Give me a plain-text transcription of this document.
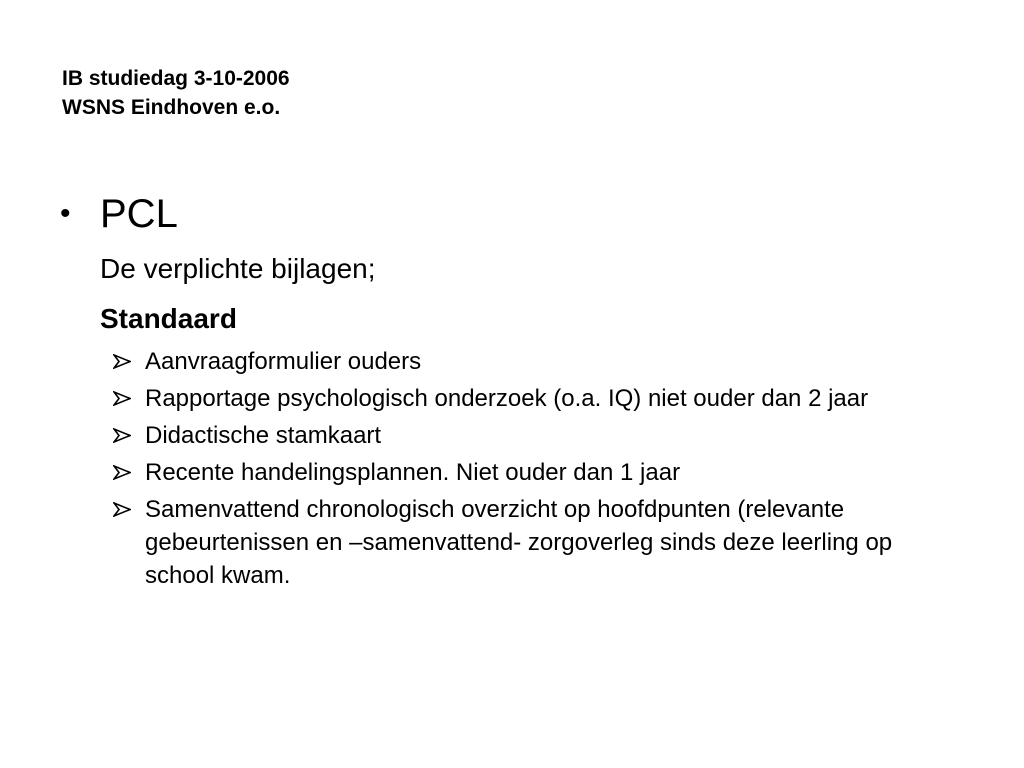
IB studiedag 3-10-2006
WSNS Eindhoven e.o.
• PCL
De verplichte bijlagen;
Standaard
Aanvraagformulier ouders
Rapportage psychologisch onderzoek (o.a. IQ) niet ouder dan 2 jaar
Didactische stamkaart
Recente handelingsplannen. Niet ouder dan 1 jaar
Samenvattend chronologisch overzicht op hoofdpunten (relevante gebeurtenissen en –samenvattend- zorgoverleg sinds deze leerling op school kwam.
